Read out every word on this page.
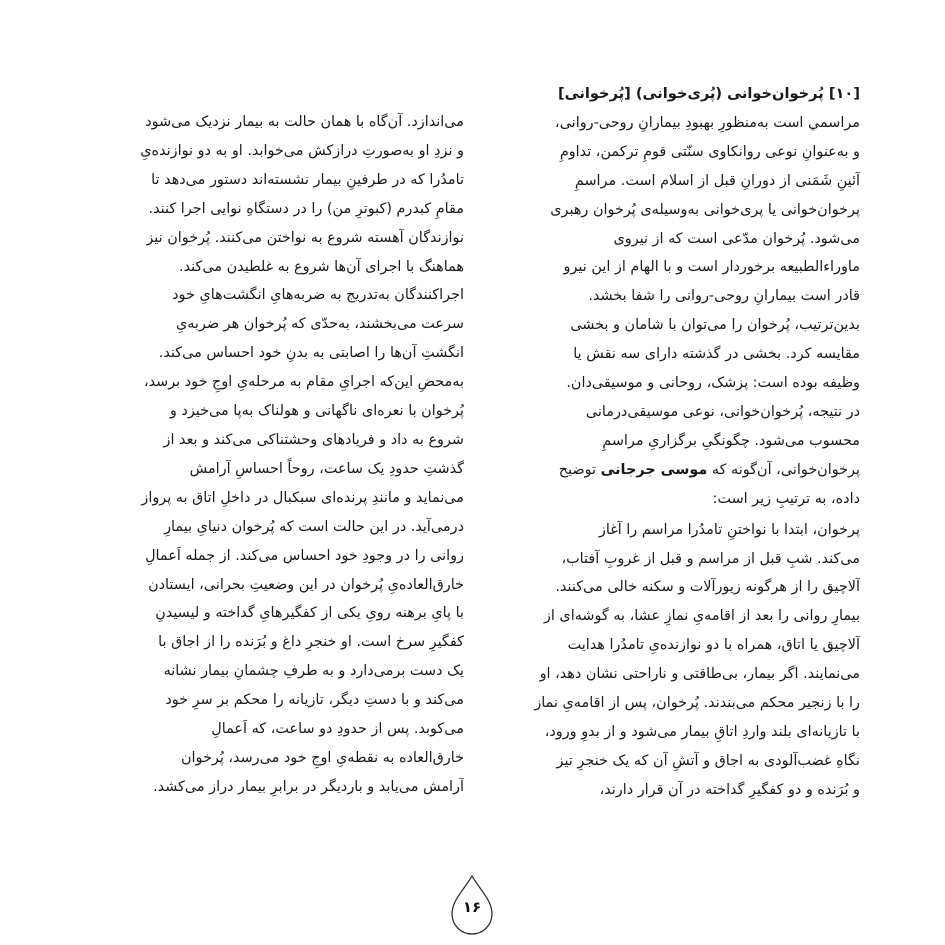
[۱۰] پُرخوان‌خوانی (پُری‌خوانی) [پُرخوانی]
مراسمي است به‌منظورِ بهبودِ بیمارانِ روحی-روانی،
و به‌عنوانِ نوعی روانکاوی سنّتی قومِ ترکمن، تداومِ
آئینِ شَمَنی از دورانِ قبل از اسلام است. مراسمِ
پرخوان‌خوانی یا پری‌خوانی به‌وسیله‌ی پُرخوان رهبری
می‌شود. پُرخوان مدّعی است که از نیروی
ماوراءالطبیعه برخوردار است و با الهام از این نیرو
قادر است بیمارانِ روحی-روانی را شفا بخشد.
بدین‌ترتیب، پُرخوان را می‌توان با شامان و بخشی
مقایسه کرد. بخشی در گذشته دارای سه نقش یا
وظیفه بوده است: پزشک، روحانی و موسیقی‌دان.
در نتیجه، پُرخوان‌خوانی، نوعی موسیقی‌درمانی
محسوب می‌شود. چگونگیِ برگزاریِ مراسمِ
پرخوان‌خوانی، آن‌گونه که موسی جرجانی توضیح
داده، به ترتیبِ زیر است:
پرخوان، ابتدا با نواختنِ تامدُرا مراسم را آغاز
می‌کند. شبِ قبل از مراسم و قبل از غروبِ آفتاب،
آلاچیق را از هرگونه زیورآلات و سکنه خالی می‌کنند.
بیمارِ روانی را بعد از اقامه‌یِ نمازِ عشا، به گوشه‌ای از
آلاچیق یا اتاق، همراه با دو نوازنده‌یِ تامدُرا هدایت
می‌نمایند. اگر بیمار، بی‌طاقتی و ناراحتی نشان دهد، او
را با زنجیر محکم می‌بندند. پُرخوان، پس از اقامه‌یِ نماز
با تازیانه‌ای بلند واردِ اتاقِ بیمار می‌شود و از بدوِ ورود،
نگاهِ غضب‌آلودی به اجاق و آتشِ آن که یک خنجرِ تیز
و بُرَنده و دو کفگیرِ گداخته در آن قرار دارند،
می‌اندازد. آن‌گاه با همان حالت به بیمار نزدیک می‌شود
و نزدِ او به‌صورتِ درازکش می‌خوابد. او به دو نوازنده‌یِ
تامدُرا که در طرفینِ بیمار نشسته‌اند دستور می‌دهد تا
مقامِ کبدرم (کبوترِ من) را در دستگاهِ نوایی اجرا کنند.
نوازندگان آهسته شروع به نواختن می‌کنند. پُرخوان نیز
هماهنگ با اجرای آن‌ها شروع به غلطیدن می‌کند.
اجراکنندگان به‌تدریج به ضربه‌هایِ انگشت‌هایِ خود
سرعت می‌بخشند، به‌حدّی که پُرخوان هر ضربه‌یِ
انگشتِ آن‌ها را اصابتی به بدنِ خود احساس می‌کند.
به‌محضِ این‌که اجرایِ مقام به مرحله‌یِ اوجِ خود برسد،
پُرخوان با نعره‌ای ناگهانی و هولناک به‌پا می‌خیزد و
شروع به داد و فریادهای وحشتناکی می‌کند و بعد از
گذشتِ حدودِ یک ساعت، روحاً احساسِ آرامش
می‌نماید و مانندِ پرنده‌ای سبکبال در داخلِ اتاق به پرواز
درمی‌آید. در این حالت است که پُرخوان دنیایِ بیمارِ
روانی را در وجودِ خود احساس می‌کند. از جمله اَعمالِ
خارق‌العاده‌یِ پُرخوان در این وضعیتِ بحرانی، ایستادن
با پایِ برهنه رویِ یکی از کفگیرهایِ گداخته و لیسیدنِ
کفگیرِ سرخ است. او خنجرِ داغ و بُرَنده را از اجاق با
یک دست برمی‌دارد و به طرفِ چشمانِ بیمار نشانه
می‌کند و با دستِ دیگر، تازیانه را محکم بر سرِ خود
می‌کوبد. پس از حدودِ دو ساعت، که اَعمالِ
خارق‌العاده به نقطه‌یِ اوجِ خود می‌رسد، پُرخوان
آرامش می‌یابد و باردیگر در برابرِ بیمار دراز می‌کشد.
۱۶
